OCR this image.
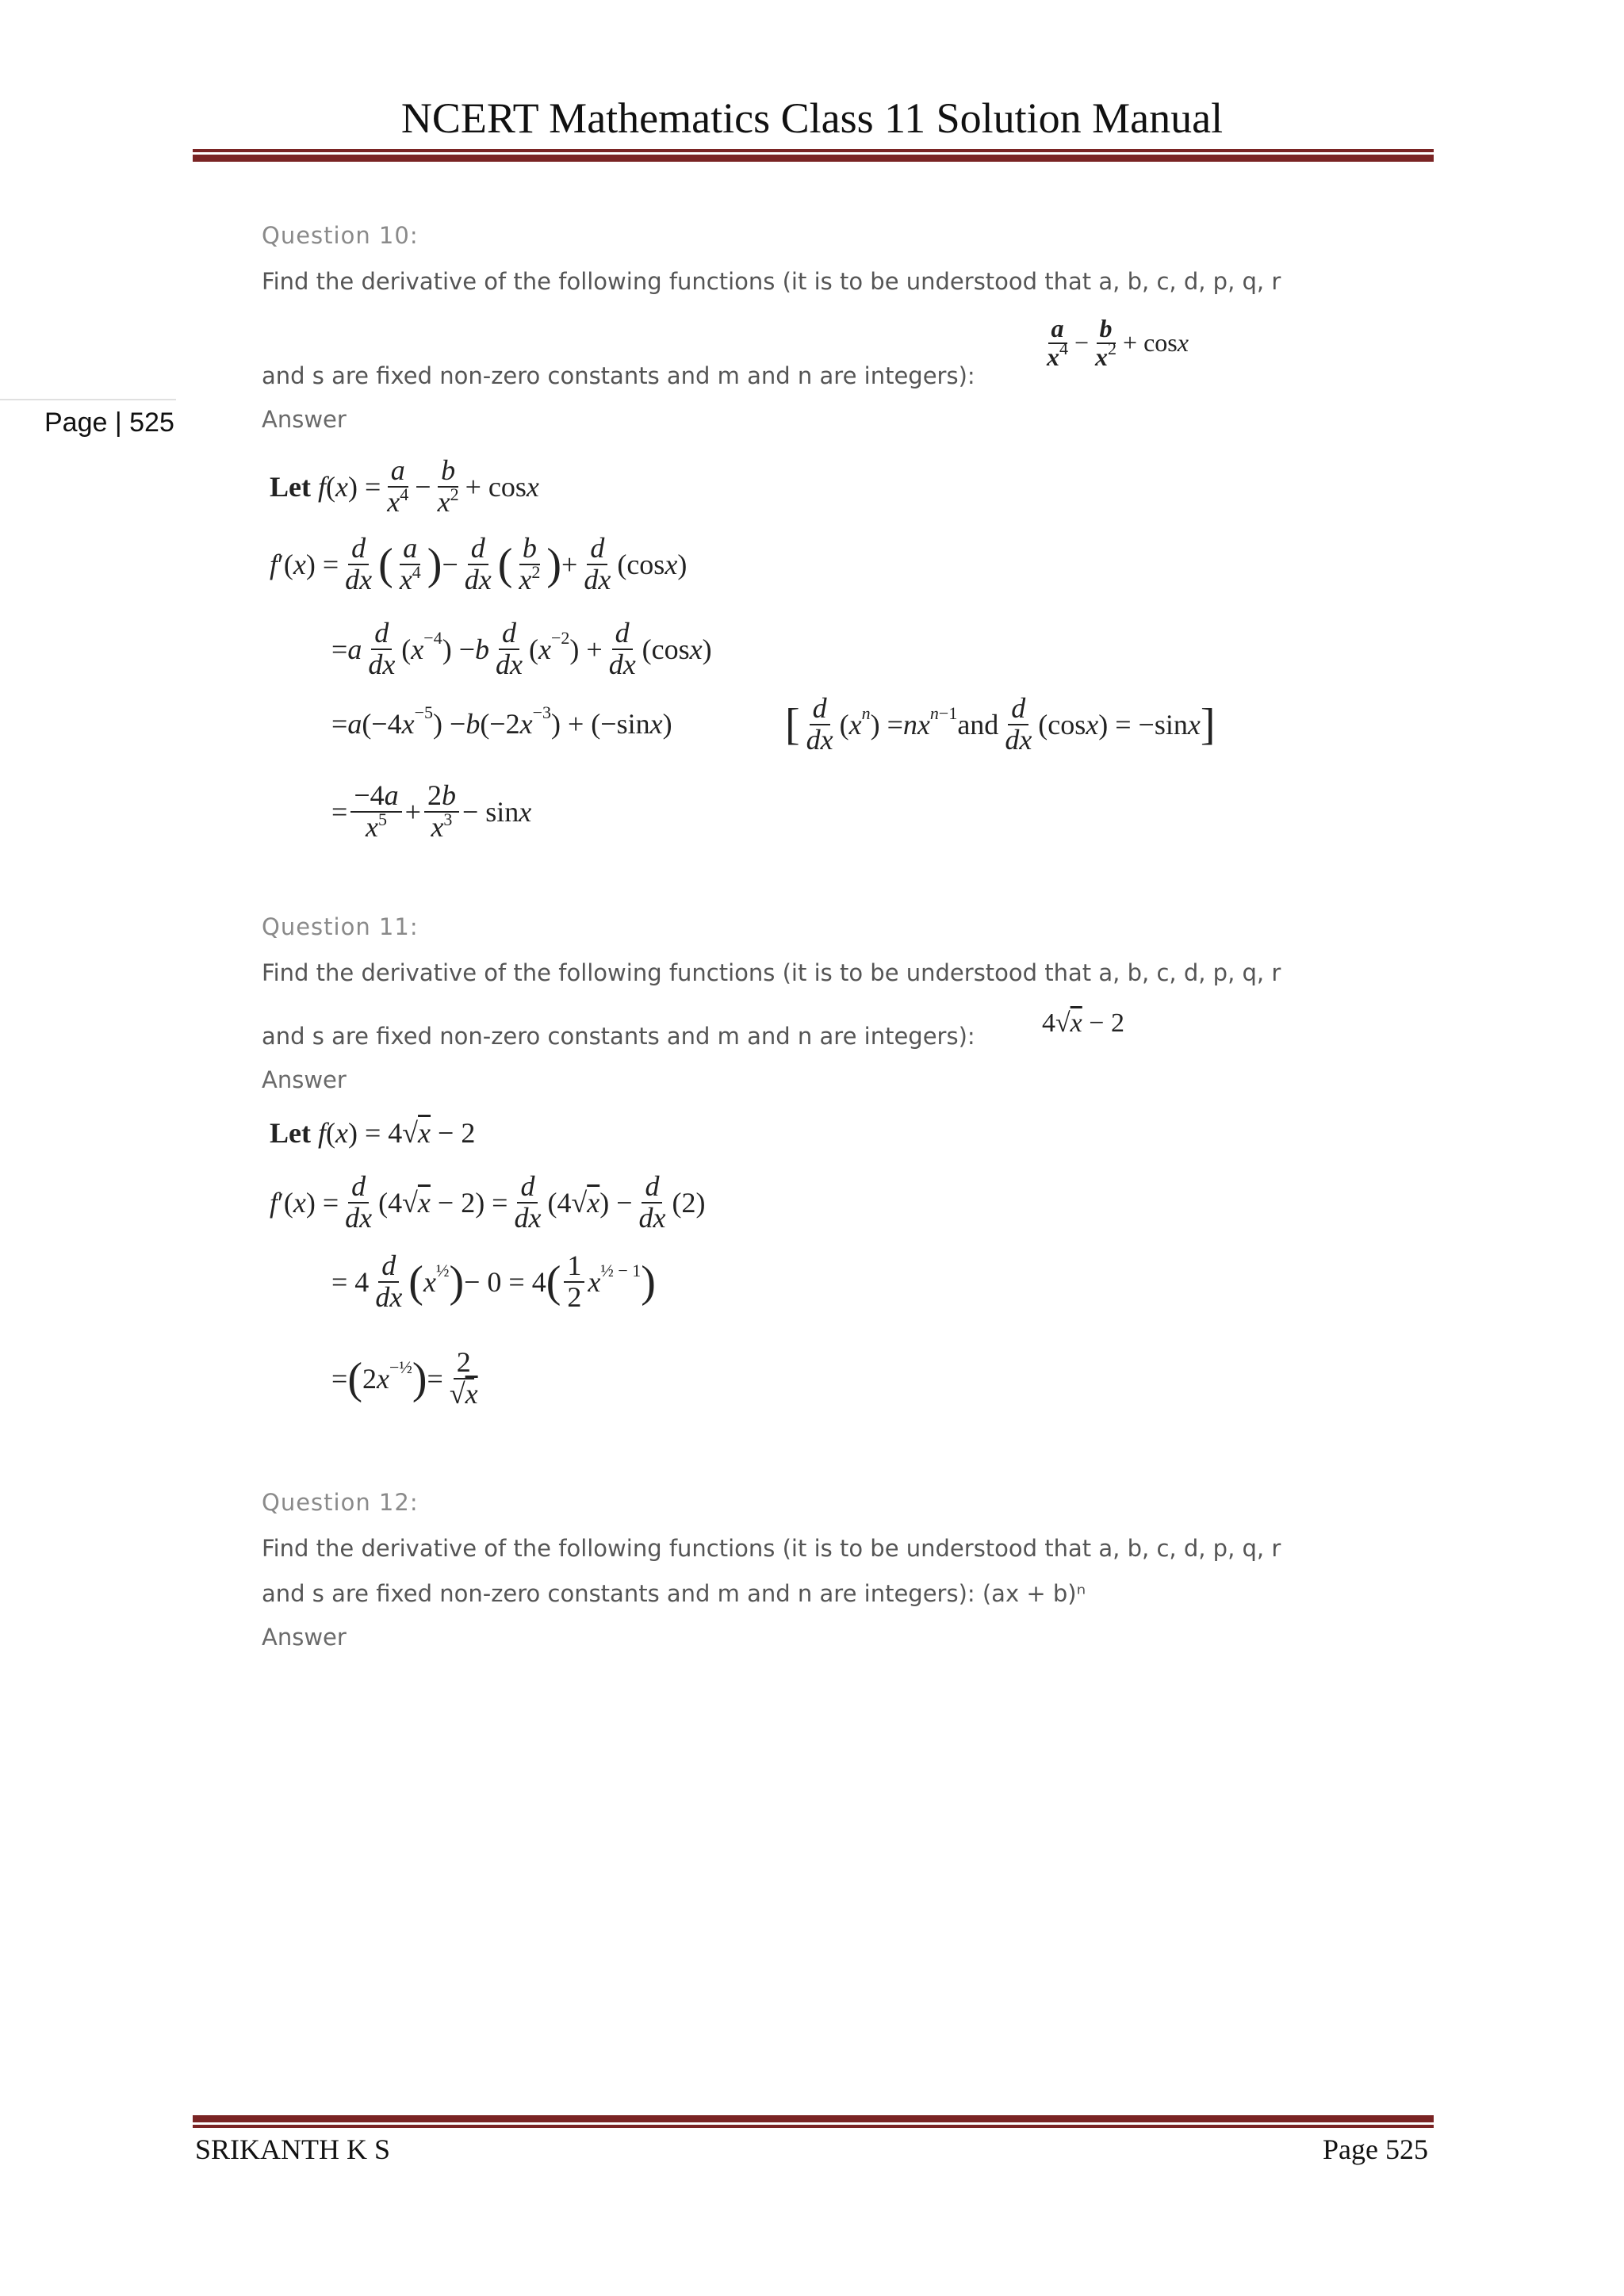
NCERT Mathematics Class 11 Solution Manual
Page | 525
Question 10:
Find the derivative of the following functions (it is to be understood that a, b, c, d, p, q, r
and s are fixed non-zero constants and m and n are integers):
$\frac{a}{x^4} - \frac{b}{x^2} + \cos x$
Answer
Let
f ( x ) = $\frac{a}{x^4} - \frac{b}{x^2} + \cos x$
f ′( x ) = $\frac{d}{dx}$ ( $\frac{a}{x^4}$ ) − $\frac{d}{dx}$ ( $\frac{b}{x^2}$ ) + $\frac{d}{dx} (\cos$ x )
= a $\frac{d}{dx}$ ( x −4 ) − b $\frac{d}{dx}$ ( x −2 ) + $\frac{d}{dx} (\cos$ x )
= a (−4 x −5 ) − b (−2 x −3 ) + (−sin x )	[ $\frac{d}{dx}$ ( x n ) = nx n−1 and $\frac{d}{dx} (\cos$ x ) = −sin x ]
= $\frac{-4a}{x^5} + \frac{2b}{x^3} - \sin x$
Question 11:
Find the derivative of the following functions (it is to be understood that a, b, c, d, p, q, r
and s are fixed non-zero constants and m and n are integers): 4√ x − 2
Answer
Let
f ( x ) = 4√ x − 2
f ′( x ) = $\frac{d}{dx} (4√$ $x - 2) = \frac{d}{dx} (4√$ x ) − $\frac{d}{dx} (2)$
= $4 \frac{d}{dx}$ ( x ½ ) − 0 = 4 ( $\frac{1}{2}$ x ½ − 1 )
= ( 2 x −½ ) = $\frac{2}{√x}$
Question 12:
Find the derivative of the following functions (it is to be understood that a, b, c, d, p, q, r
and s are fixed non-zero constants and m and n are integers): (ax + b)ⁿ
Answer
SRIKANTH K S	Page 525
